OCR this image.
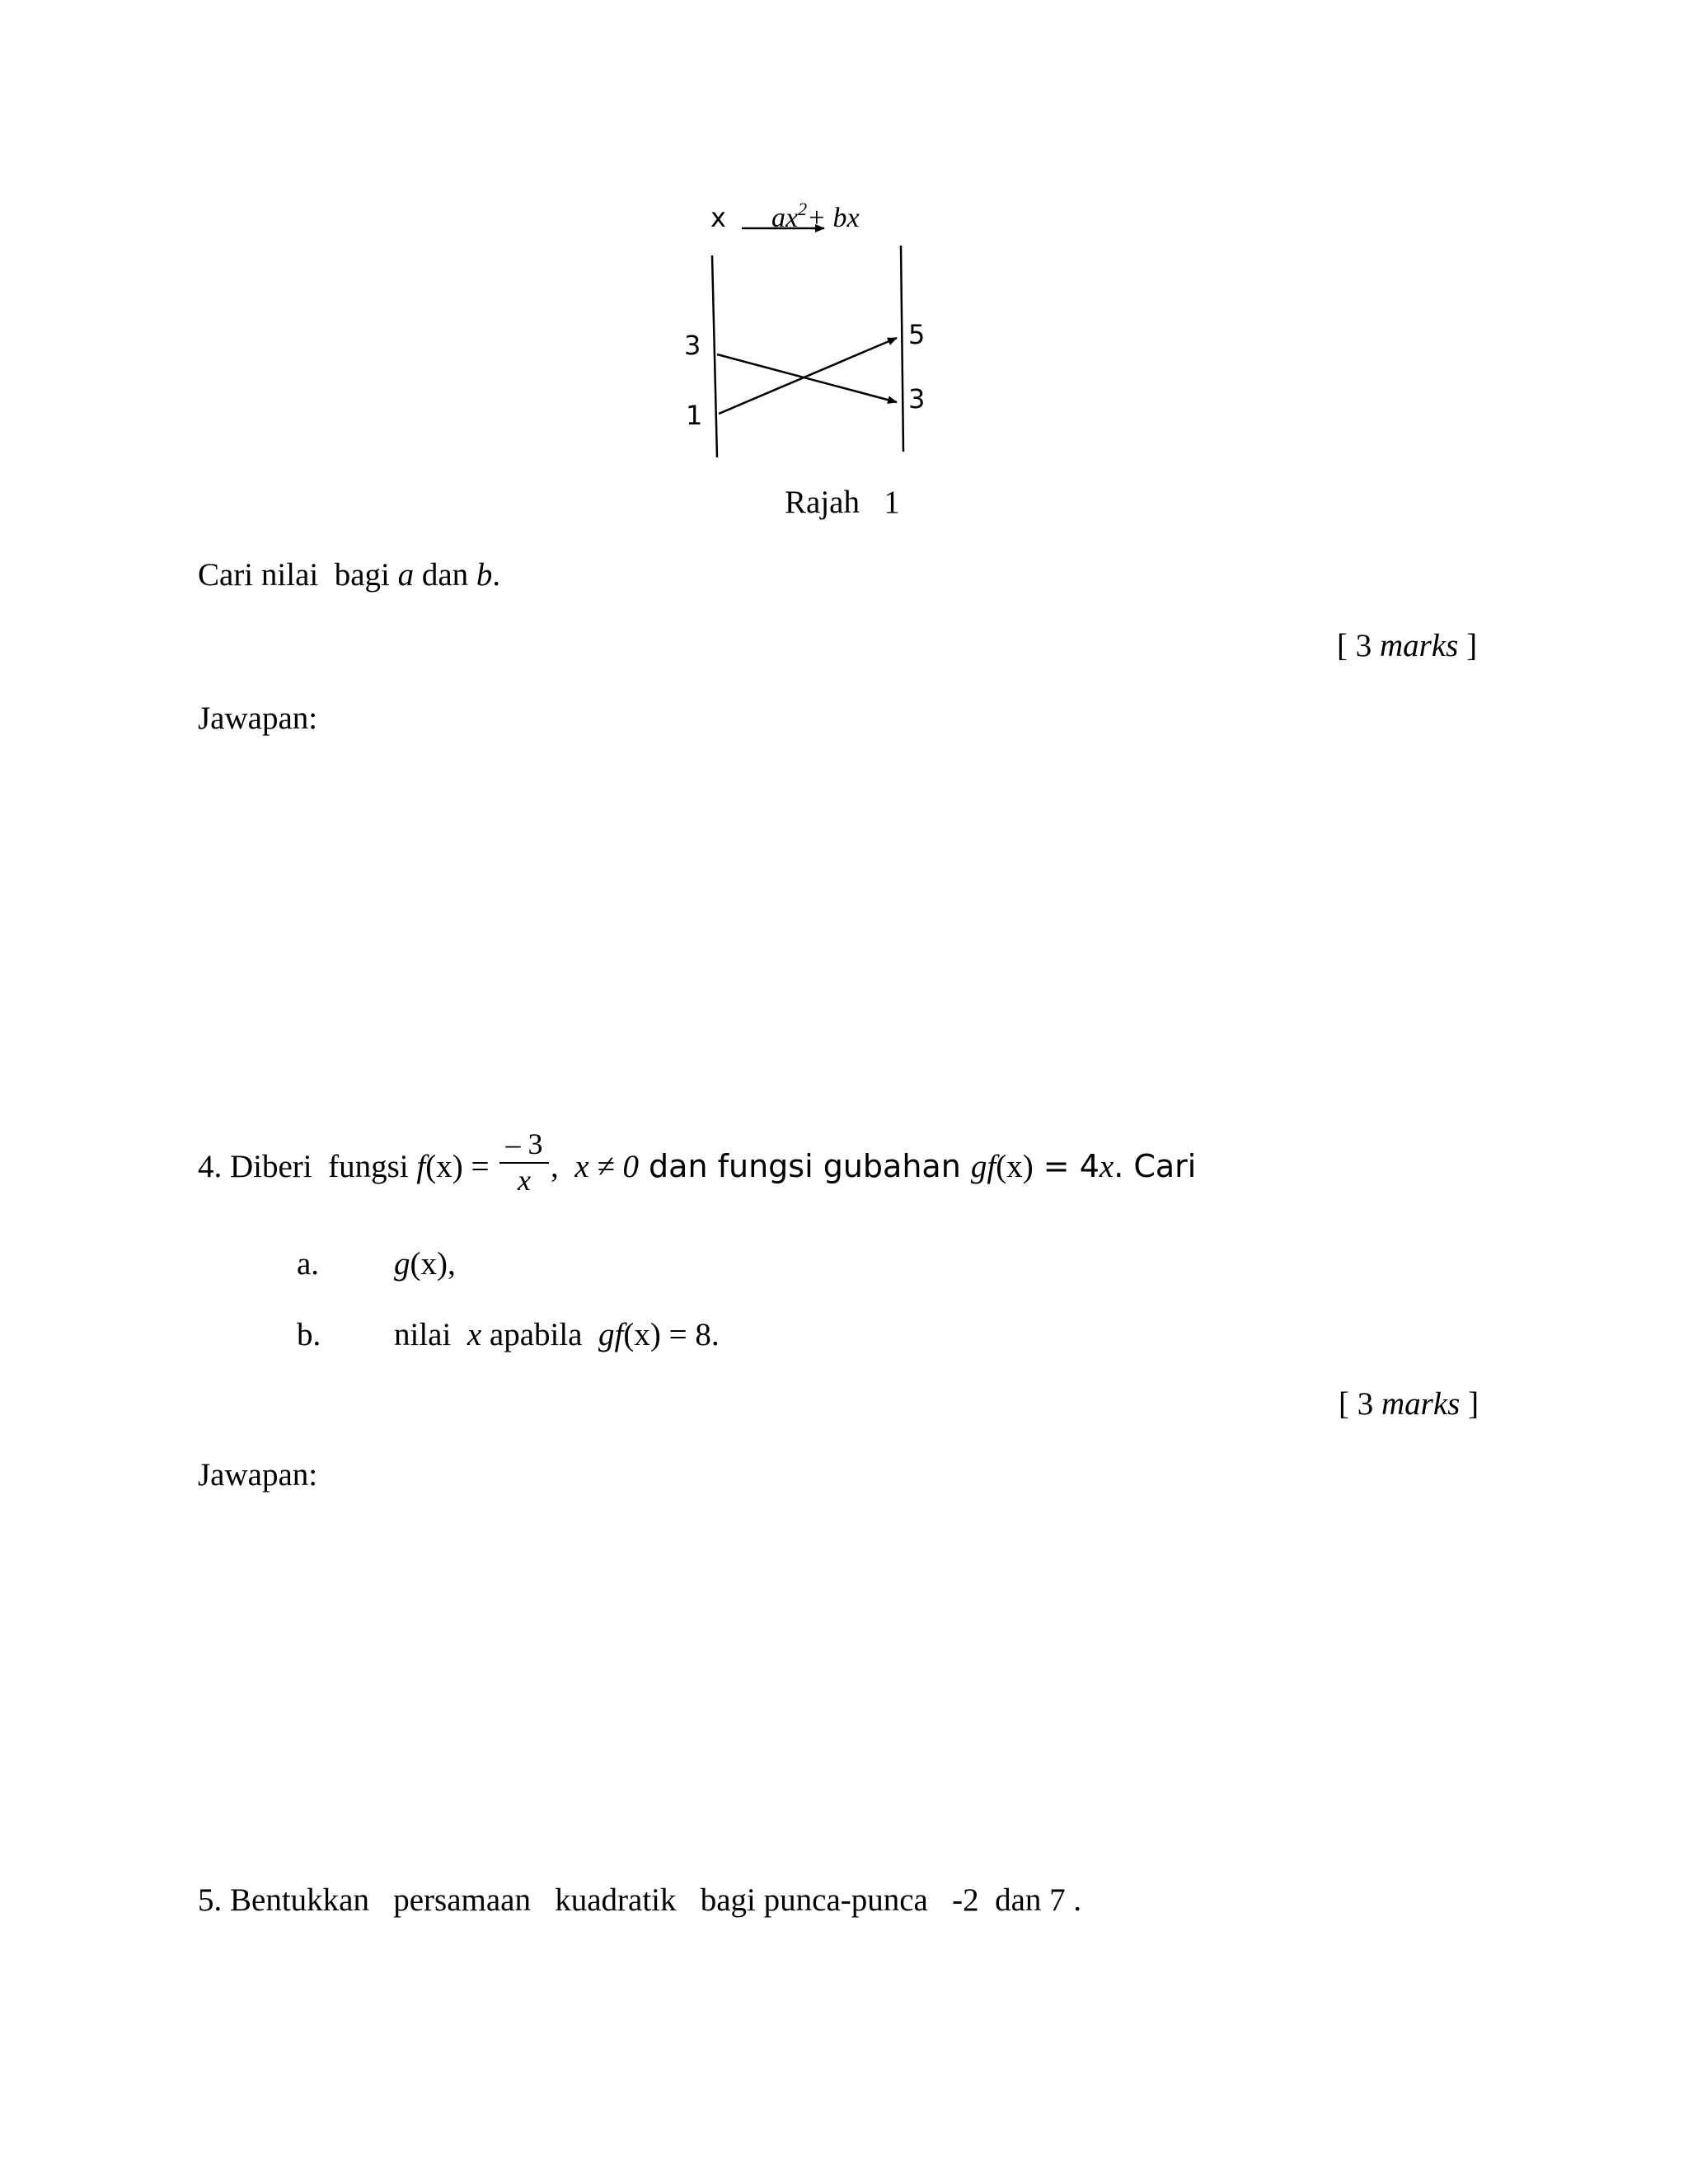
x $ax^2+$ bx
3
1
5
3
Rajah   1
Cari nilai  bagi a dan b.
[ 3 marks ]
Jawapan:
4. Diberi  fungsi f(x) =
– 3
x , x ≠ 0 dan fungsi gubahan gf(x) = 4x. Cari
a. g(x),
b. nilai  x apabila  gf(x) = 8.
[ 3 marks ]
Jawapan:
5. Bentukkan   persamaan   kuadratik   bagi punca-punca   -2  dan 7 .
